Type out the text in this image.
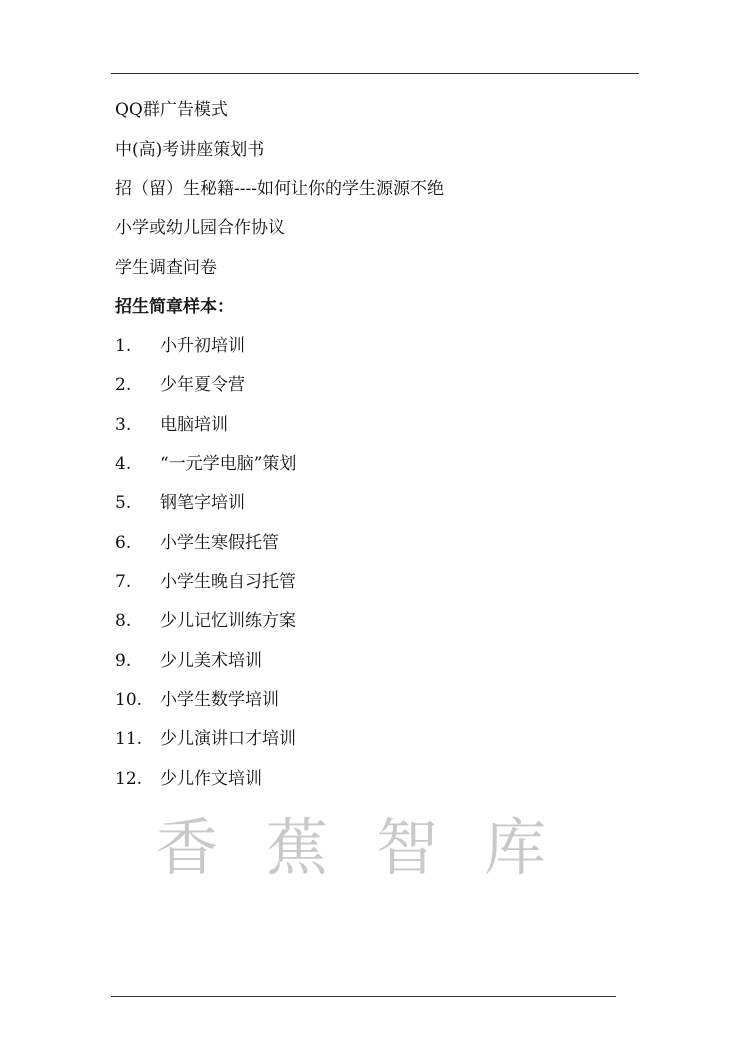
QQ群广告模式
中(高)考讲座策划书
招（留）生秘籍----如何让你的学生源源不绝
小学或幼儿园合作协议
学生调查问卷
招生简章样本：
1. 小升初培训
2. 少年夏令营
3. 电脑培训
4. “一元学电脑”策划
5. 钢笔字培训
6. 小学生寒假托管
7. 小学生晚自习托管
8. 少儿记忆训练方案
9. 少儿美术培训
10. 小学生数学培训
11. 少儿演讲口才培训
12. 少儿作文培训
香 蕉 智 库
